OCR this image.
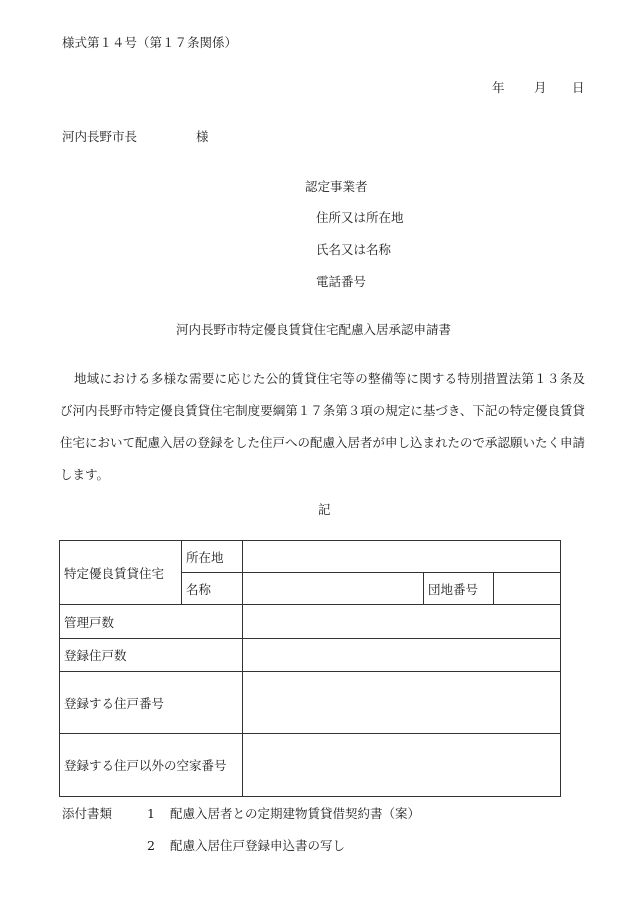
様式第１４号（第１７条関係）
年 月 日
河内長野市長	様
認定事業者
住所又は所在地
氏名又は名称
電話番号
河内長野市特定優良賃貸住宅配慮入居承認申請書
地域における多様な需要に応じた公的賃貸住宅等の整備等に関する特別措置法第１３条及び河内長野市特定優良賃貸住宅制度要綱第１７条第３項の規定に基づき、下記の特定優良賃貸住宅において配慮入居の登録をした住戸への配慮入居者が申し込まれたので承認願いたく申請します。
記
特定優良賃貸住宅	所在地			
	名称		団地番号	
管理戸数				
登録住戸数				
登録する住戸番号				
登録する住戸以外の空家番号				
添付書類	1 配慮入居者との定期建物賃貸借契約書（案）
2 配慮入居住戸登録申込書の写し
